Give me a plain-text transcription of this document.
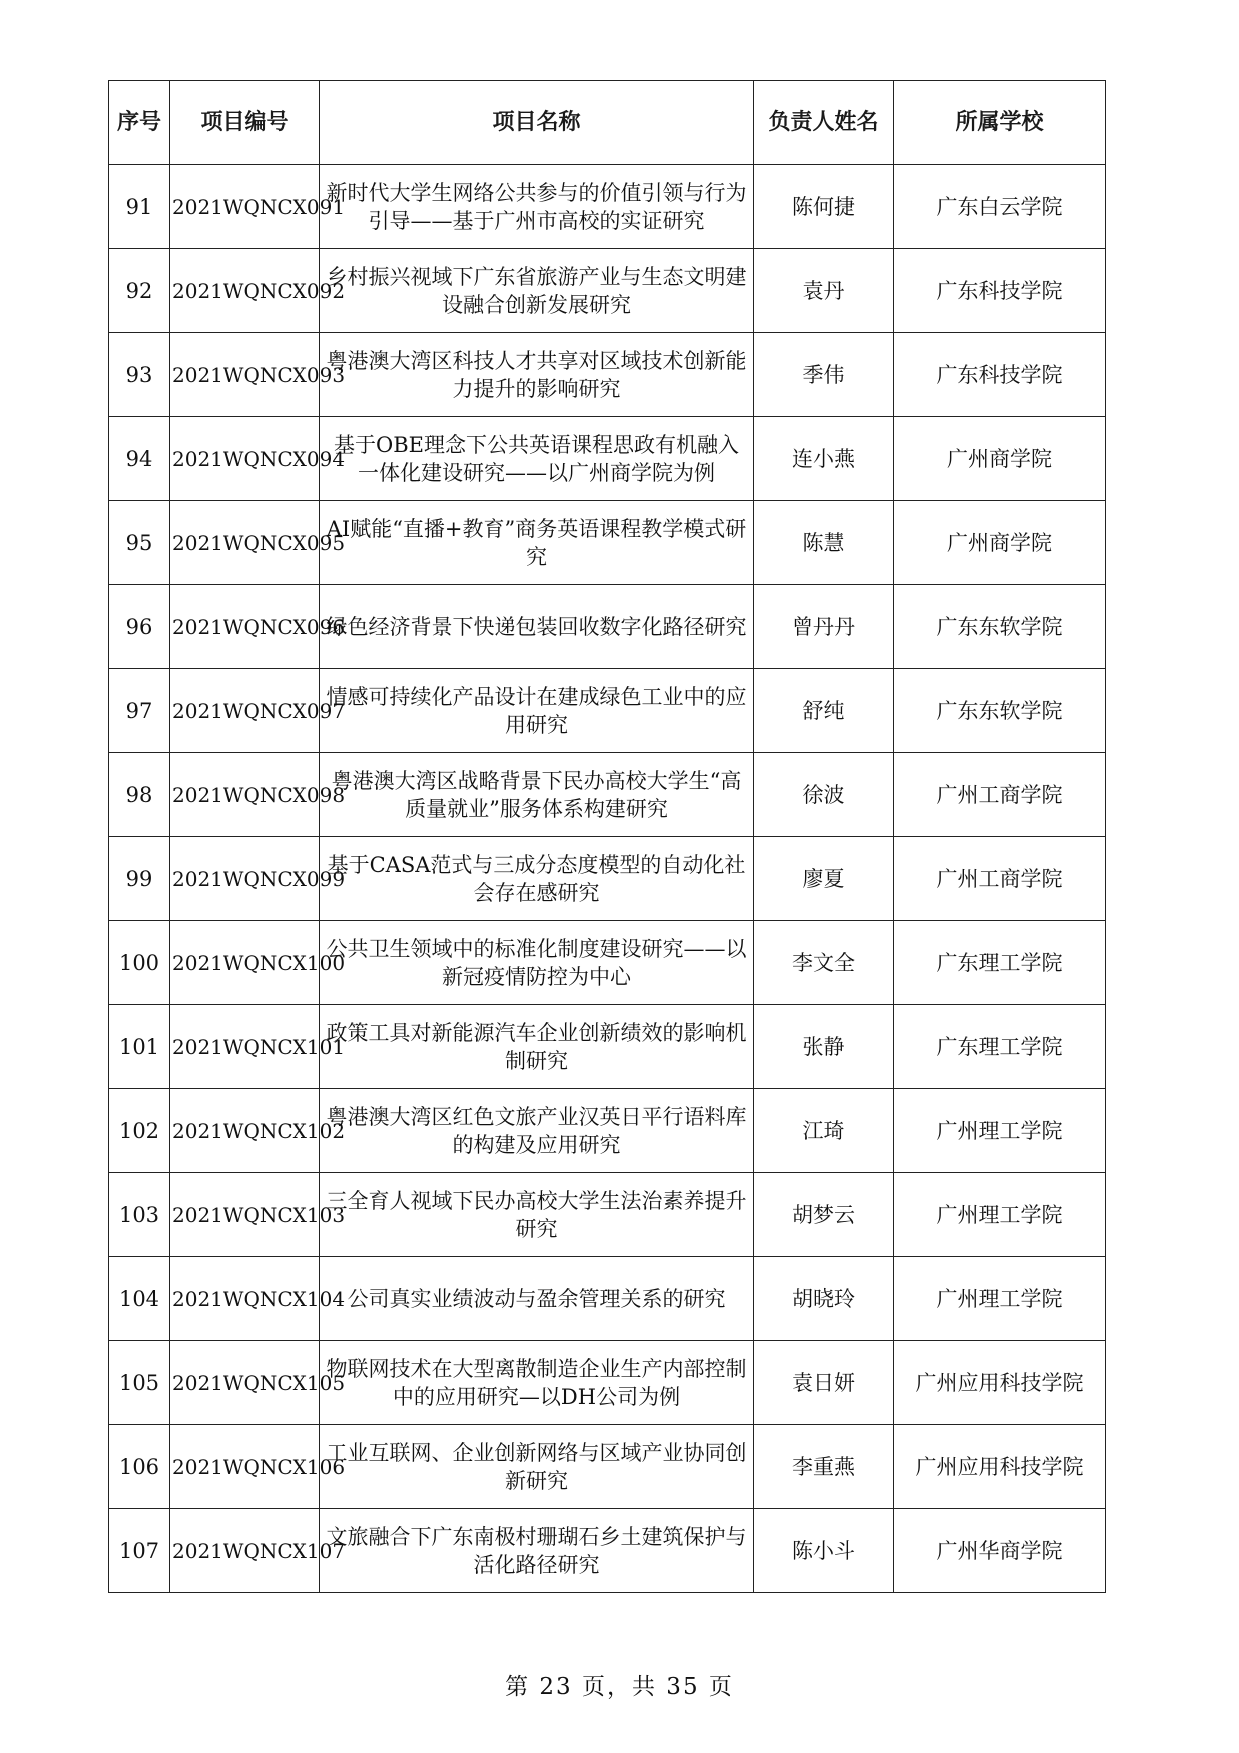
序号	项目编号	项目名称	负责人姓名	所属学校
91	2021WQNCX091	新时代大学生网络公共参与的价值引领与行为引导——基于广州市高校的实证研究	陈何捷	广东白云学院
92	2021WQNCX092	乡村振兴视域下广东省旅游产业与生态文明建设融合创新发展研究	袁丹	广东科技学院
93	2021WQNCX093	粤港澳大湾区科技人才共享对区域技术创新能力提升的影响研究	季伟	广东科技学院
94	2021WQNCX094	基于OBE理念下公共英语课程思政有机融入一体化建设研究——以广州商学院为例	连小燕	广州商学院
95	2021WQNCX095	AI赋能“直播+教育”商务英语课程教学模式研究	陈慧	广州商学院
96	2021WQNCX096	绿色经济背景下快递包装回收数字化路径研究	曾丹丹	广东东软学院
97	2021WQNCX097	情感可持续化产品设计在建成绿色工业中的应用研究	舒纯	广东东软学院
98	2021WQNCX098	粤港澳大湾区战略背景下民办高校大学生“高质量就业”服务体系构建研究	徐波	广州工商学院
99	2021WQNCX099	基于CASA范式与三成分态度模型的自动化社会存在感研究	廖夏	广州工商学院
100	2021WQNCX100	公共卫生领域中的标准化制度建设研究——以新冠疫情防控为中心	李文全	广东理工学院
101	2021WQNCX101	政策工具对新能源汽车企业创新绩效的影响机制研究	张静	广东理工学院
102	2021WQNCX102	粤港澳大湾区红色文旅产业汉英日平行语料库的构建及应用研究	江琦	广州理工学院
103	2021WQNCX103	三全育人视域下民办高校大学生法治素养提升研究	胡梦云	广州理工学院
104	2021WQNCX104	公司真实业绩波动与盈余管理关系的研究	胡晓玲	广州理工学院
105	2021WQNCX105	物联网技术在大型离散制造企业生产内部控制中的应用研究—以DH公司为例	袁日妍	广州应用科技学院
106	2021WQNCX106	工业互联网、企业创新网络与区域产业协同创新研究	李重燕	广州应用科技学院
107	2021WQNCX107	文旅融合下广东南极村珊瑚石乡土建筑保护与活化路径研究	陈小斗	广州华商学院
第 23 页，共 35 页
